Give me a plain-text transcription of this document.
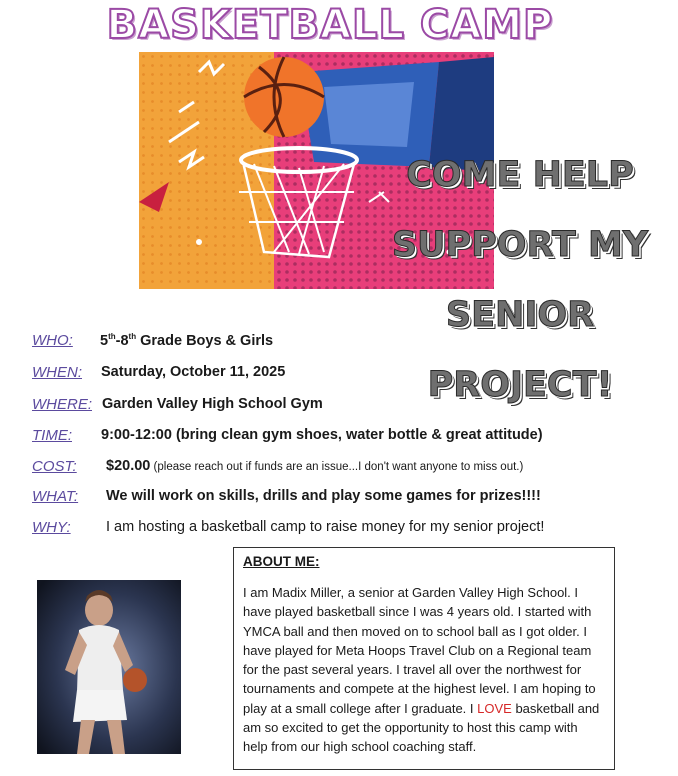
BASKETBALL CAMP
COME HELP
SUPPORT MY
SENIOR
PROJECT!
WHO: 5th-8th Grade Boys & Girls
WHEN: Saturday, October 11, 2025
WHERE: Garden Valley High School Gym
TIME: 9:00-12:00 (bring clean gym shoes, water bottle & great attitude)
COST: $20.00 (please reach out if funds are an issue...I don't want anyone to miss out.)
WHAT: We will work on skills, drills and play some games for prizes!!!!
WHY: I am hosting a basketball camp to raise money for my senior project!
ABOUT ME:
I am Madix Miller, a senior at Garden Valley High School. I have played basketball since I was 4 years old. I started with YMCA ball and then moved on to school ball as I got older. I have played for Meta Hoops Travel Club on a Regional team for the past several years. I travel all over the northwest for tournaments and compete at the highest level. I am hoping to play at a small college after I graduate. I LOVE basketball and am so excited to get the opportunity to host this camp with help from our high school coaching staff.
